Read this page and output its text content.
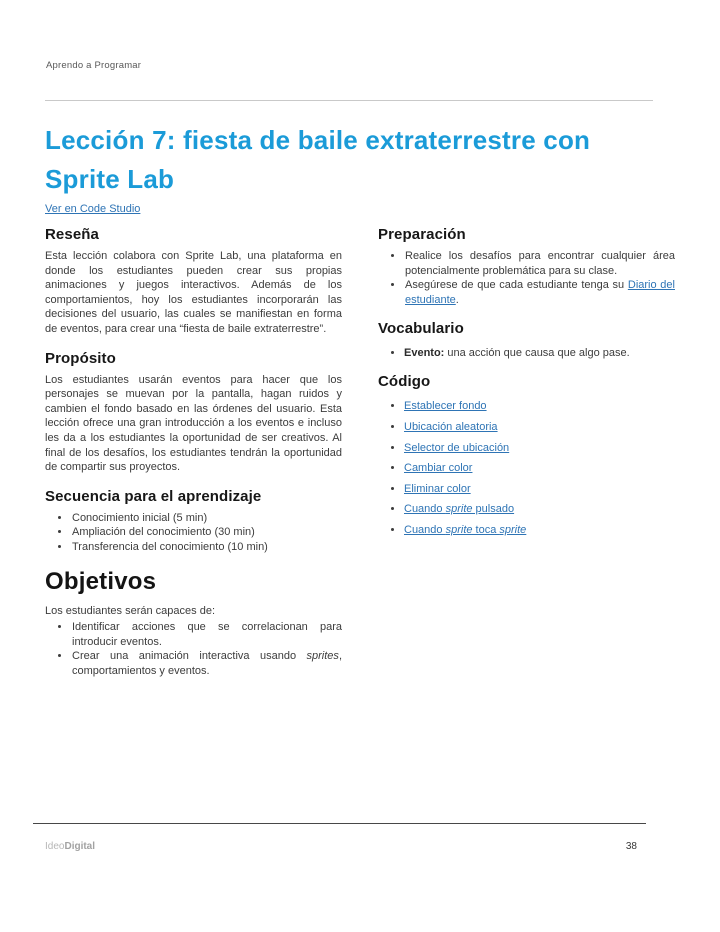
Aprendo a Programar
Lección 7: fiesta de baile extraterrestre con Sprite Lab
Ver en Code Studio
Reseña

Esta lección colabora con Sprite Lab, una plataforma en donde los estudiantes pueden crear sus propias animaciones y juegos interactivos. Además de los comportamientos, hoy los estudiantes incorporarán las decisiones del usuario, las cuales se manifiestan en forma de eventos, para crear una “fiesta de baile extraterrestre”.

Propósito

Los estudiantes usarán eventos para hacer que los personajes se muevan por la pantalla, hagan ruidos y cambien el fondo basado en las órdenes del usuario. Esta lección ofrece una gran introducción a los eventos e incluso les da a los estudiantes la oportunidad de ser creativos. Al final de los desafíos, los estudiantes tendrán la oportunidad de compartir sus proyectos.

Secuencia para el aprendizaje
• Conocimiento inicial (5 min)
• Ampliación del conocimiento (30 min)
• Transferencia del conocimiento (10 min)
Objetivos

Los estudiantes serán capaces de:

• Identificar acciones que se correlacionan para introducir eventos.
• Crear una animación interactiva usando sprites, comportamientos y eventos.
Preparación
• Realice los desafíos para encontrar cualquier área potencialmente problemática para su clase.
• Asegúrese de que cada estudiante tenga su Diario del estudiante.
Vocabulario
• Evento: una acción que causa que algo pase.
Código
• Establecer fondo
• Ubicación aleatoria
• Selector de ubicación
• Cambiar color
• Eliminar color
• Cuando sprite pulsado
• Cuando sprite toca sprite
IdeoDigital	38
